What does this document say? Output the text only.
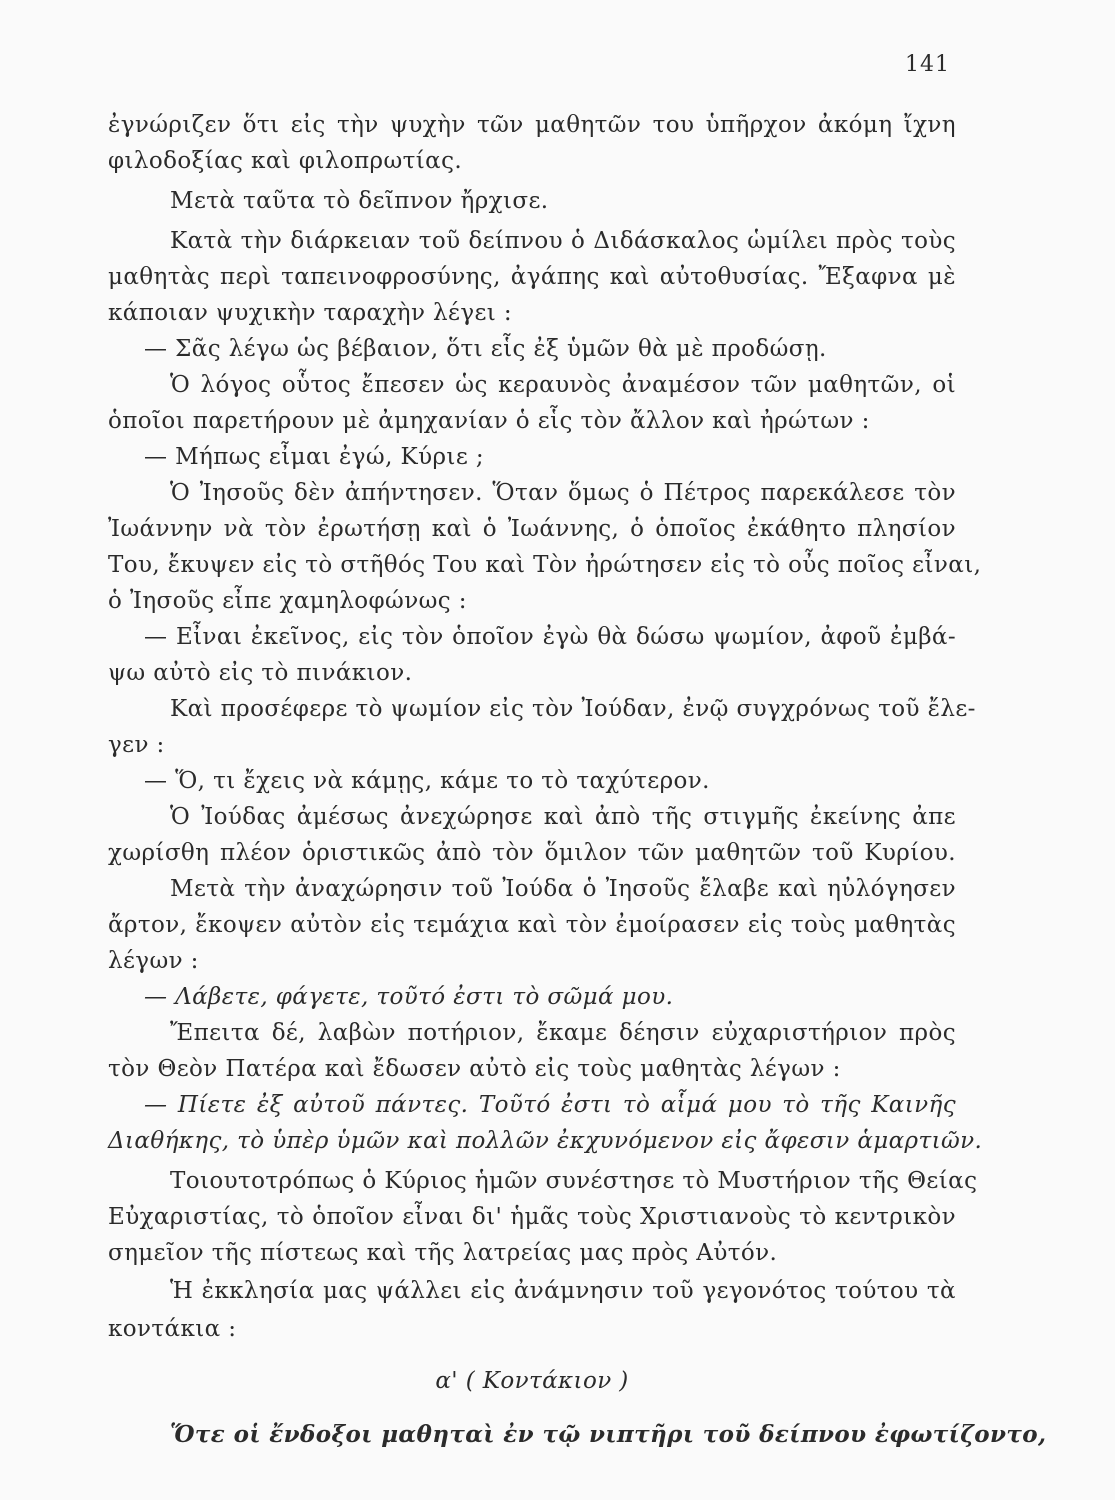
141
ἐγνώριζεν ὅτι εἰς τὴν ψυχὴν τῶν μαθητῶν του ὑπῆρχον ἀκόμη ἴχνη
φιλοδοξίας καὶ φιλοπρωτίας.
Μετὰ ταῦτα τὸ δεῖπνον ἤρχισε.
Κατὰ τὴν διάρκειαν τοῦ δείπνου ὁ Διδάσκαλος ὡμίλει πρὸς τοὺς
μαθητὰς περὶ ταπεινοφροσύνης, ἀγάπης καὶ αὐτοθυσίας. Ἔξαφνα μὲ
κάποιαν ψυχικὴν ταραχὴν λέγει :
— Σᾶς λέγω ὡς βέβαιον, ὅτι εἷς ἐξ ὑμῶν θὰ μὲ προδώσῃ.
Ὁ λόγος οὗτος ἔπεσεν ὡς κεραυνὸς ἀναμέσον τῶν μαθητῶν, οἱ
ὁποῖοι παρετήρουν μὲ ἀμηχανίαν ὁ εἷς τὸν ἄλλον καὶ ἠρώτων :
— Μήπως εἶμαι ἐγώ, Κύριε ;
Ὁ Ἰησοῦς δὲν ἀπήντησεν. Ὅταν ὅμως ὁ Πέτρος παρεκάλεσε τὸν
Ἰωάννην νὰ τὸν ἐρωτήσῃ καὶ ὁ Ἰωάννης, ὁ ὁποῖος ἐκάθητο πλησίον
Του, ἔκυψεν εἰς τὸ στῆθός Του καὶ Τὸν ἠρώτησεν εἰς τὸ οὖς ποῖος εἶναι,
ὁ Ἰησοῦς εἶπε χαμηλοφώνως :
— Εἶναι ἐκεῖνος, εἰς τὸν ὁποῖον ἐγὼ θὰ δώσω ψωμίον, ἀφοῦ ἐμβά-
ψω αὐτὸ εἰς τὸ πινάκιον.
Καὶ προσέφερε τὸ ψωμίον εἰς τὸν Ἰούδαν, ἐνῷ συγχρόνως τοῦ ἔλε-
γεν :
— Ὅ, τι ἔχεις νὰ κάμῃς, κάμε το τὸ ταχύτερον.
Ὁ Ἰούδας ἀμέσως ἀνεχώρησε καὶ ἀπὸ τῆς στιγμῆς ἐκείνης ἀπε
χωρίσθη πλέον ὁριστικῶς ἀπὸ τὸν ὅμιλον τῶν μαθητῶν τοῦ Κυρίου.
Μετὰ τὴν ἀναχώρησιν τοῦ Ἰούδα ὁ Ἰησοῦς ἔλαβε καὶ ηὐλόγησεν
ἄρτον, ἔκοψεν αὐτὸν εἰς τεμάχια καὶ τὸν ἐμοίρασεν εἰς τοὺς μαθητὰς
λέγων :
— Λάβετε, φάγετε, τοῦτό ἐστι τὸ σῶμά μου.
Ἔπειτα δέ, λαβὼν ποτήριον, ἔκαμε δέησιν εὐχαριστήριον πρὸς
τὸν Θεὸν Πατέρα καὶ ἔδωσεν αὐτὸ εἰς τοὺς μαθητὰς λέγων :
— Πίετε ἐξ αὐτοῦ πάντες. Τοῦτό ἐστι τὸ αἷμά μου τὸ τῆς Καινῆς
Διαθήκης, τὸ ὑπὲρ ὑμῶν καὶ πολλῶν ἐκχυνόμενον εἰς ἄφεσιν ἁμαρτιῶν.
Τοιουτοτρόπως ὁ Κύριος ἡμῶν συνέστησε τὸ Μυστήριον τῆς Θείας
Εὐχαριστίας, τὸ ὁποῖον εἶναι δι' ἡμᾶς τοὺς Χριστιανοὺς τὸ κεντρικὸν
σημεῖον τῆς πίστεως καὶ τῆς λατρείας μας πρὸς Αὐτόν.
Ἡ ἐκκλησία μας ψάλλει εἰς ἀνάμνησιν τοῦ γεγονότος τούτου τὰ
κοντάκια :
α' ( Κοντάκιον )
Ὅτε οἱ ἔνδοξοι μαθηταὶ ἐν τῷ νιπτῆρι τοῦ δείπνου ἐφωτίζοντο,
